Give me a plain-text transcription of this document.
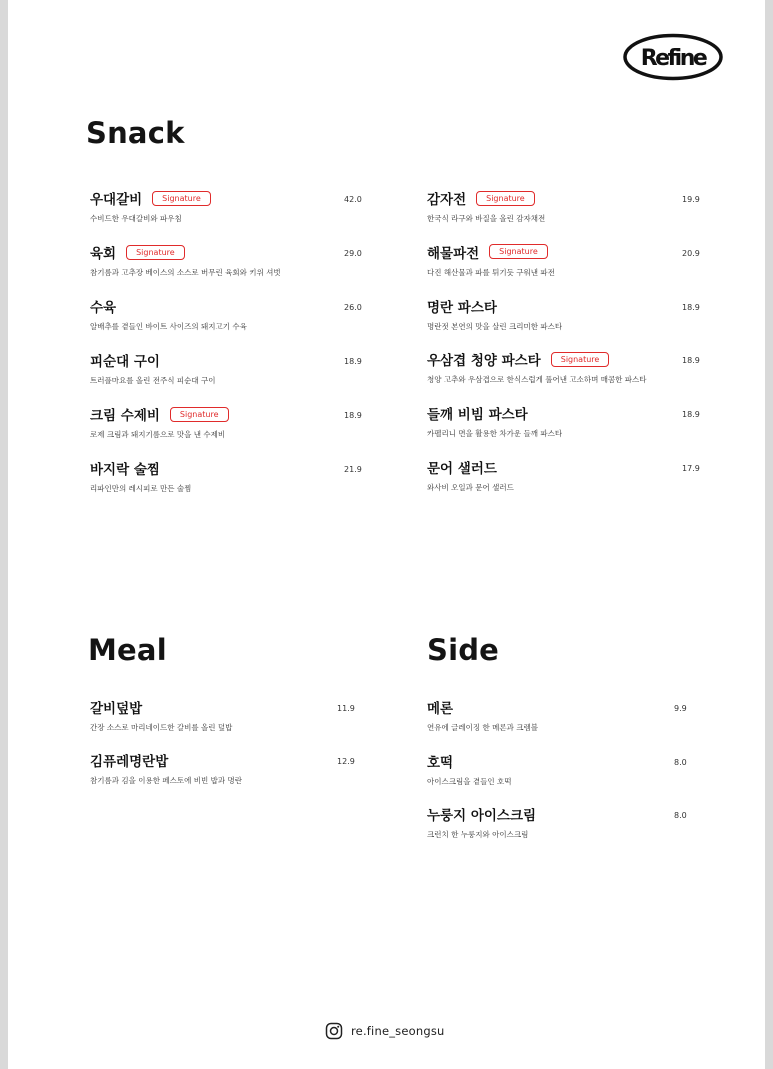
Refine
Snack
Meal	Side
우대갈비	Signature
수비드한 우대갈비와 파우침
42.0
육회	Signature
참기름과 고추장 베이스의 소스로 버무린 육회와 키위 셔벗
29.0
수육
알배추를 곁들인 바이트 사이즈의 돼지고기 수육
26.0
피순대 구이
트러플마요를 올린 전주식 피순대 구이
18.9
크림 수제비	Signature
로제 크림과 돼지기름으로 맛을 낸 수제비
18.9
바지락 술찜
리파인만의 레시피로 만든 술찜
21.9
감자전	Signature
한국식 라구와 바질을 올린 감자채전
19.9
해물파전	Signature
다진 해산물과 파를 튀기듯 구워낸 파전
20.9
명란 파스타
명란젓 본연의 맛을 살린 크리미한 파스타
18.9
우삼겹 청양 파스타	Signature
청양 고추와 우삼겹으로 한식스럽게 풀어낸 고소하며 매콤한 파스타
18.9
들깨 비빔 파스타
카펠리니 면을 활용한 차가운 들깨 파스타
18.9
문어 샐러드
와사비 오일과 문어 샐러드
17.9
갈비덮밥
간장 소스로 마리네이드한 갈비를 올린 덮밥
11.9
김퓨레명란밥
참기름과 김을 이용한 페스토에 비빈 밥과 명란
12.9
메론
연유에 글레이징 한 메론과 크렘블
9.9
호떡
아이스크림을 곁들인 호떡
8.0
누룽지 아이스크림
크런치 한 누룽지와 아이스크림
8.0
re.fine_seongsu
